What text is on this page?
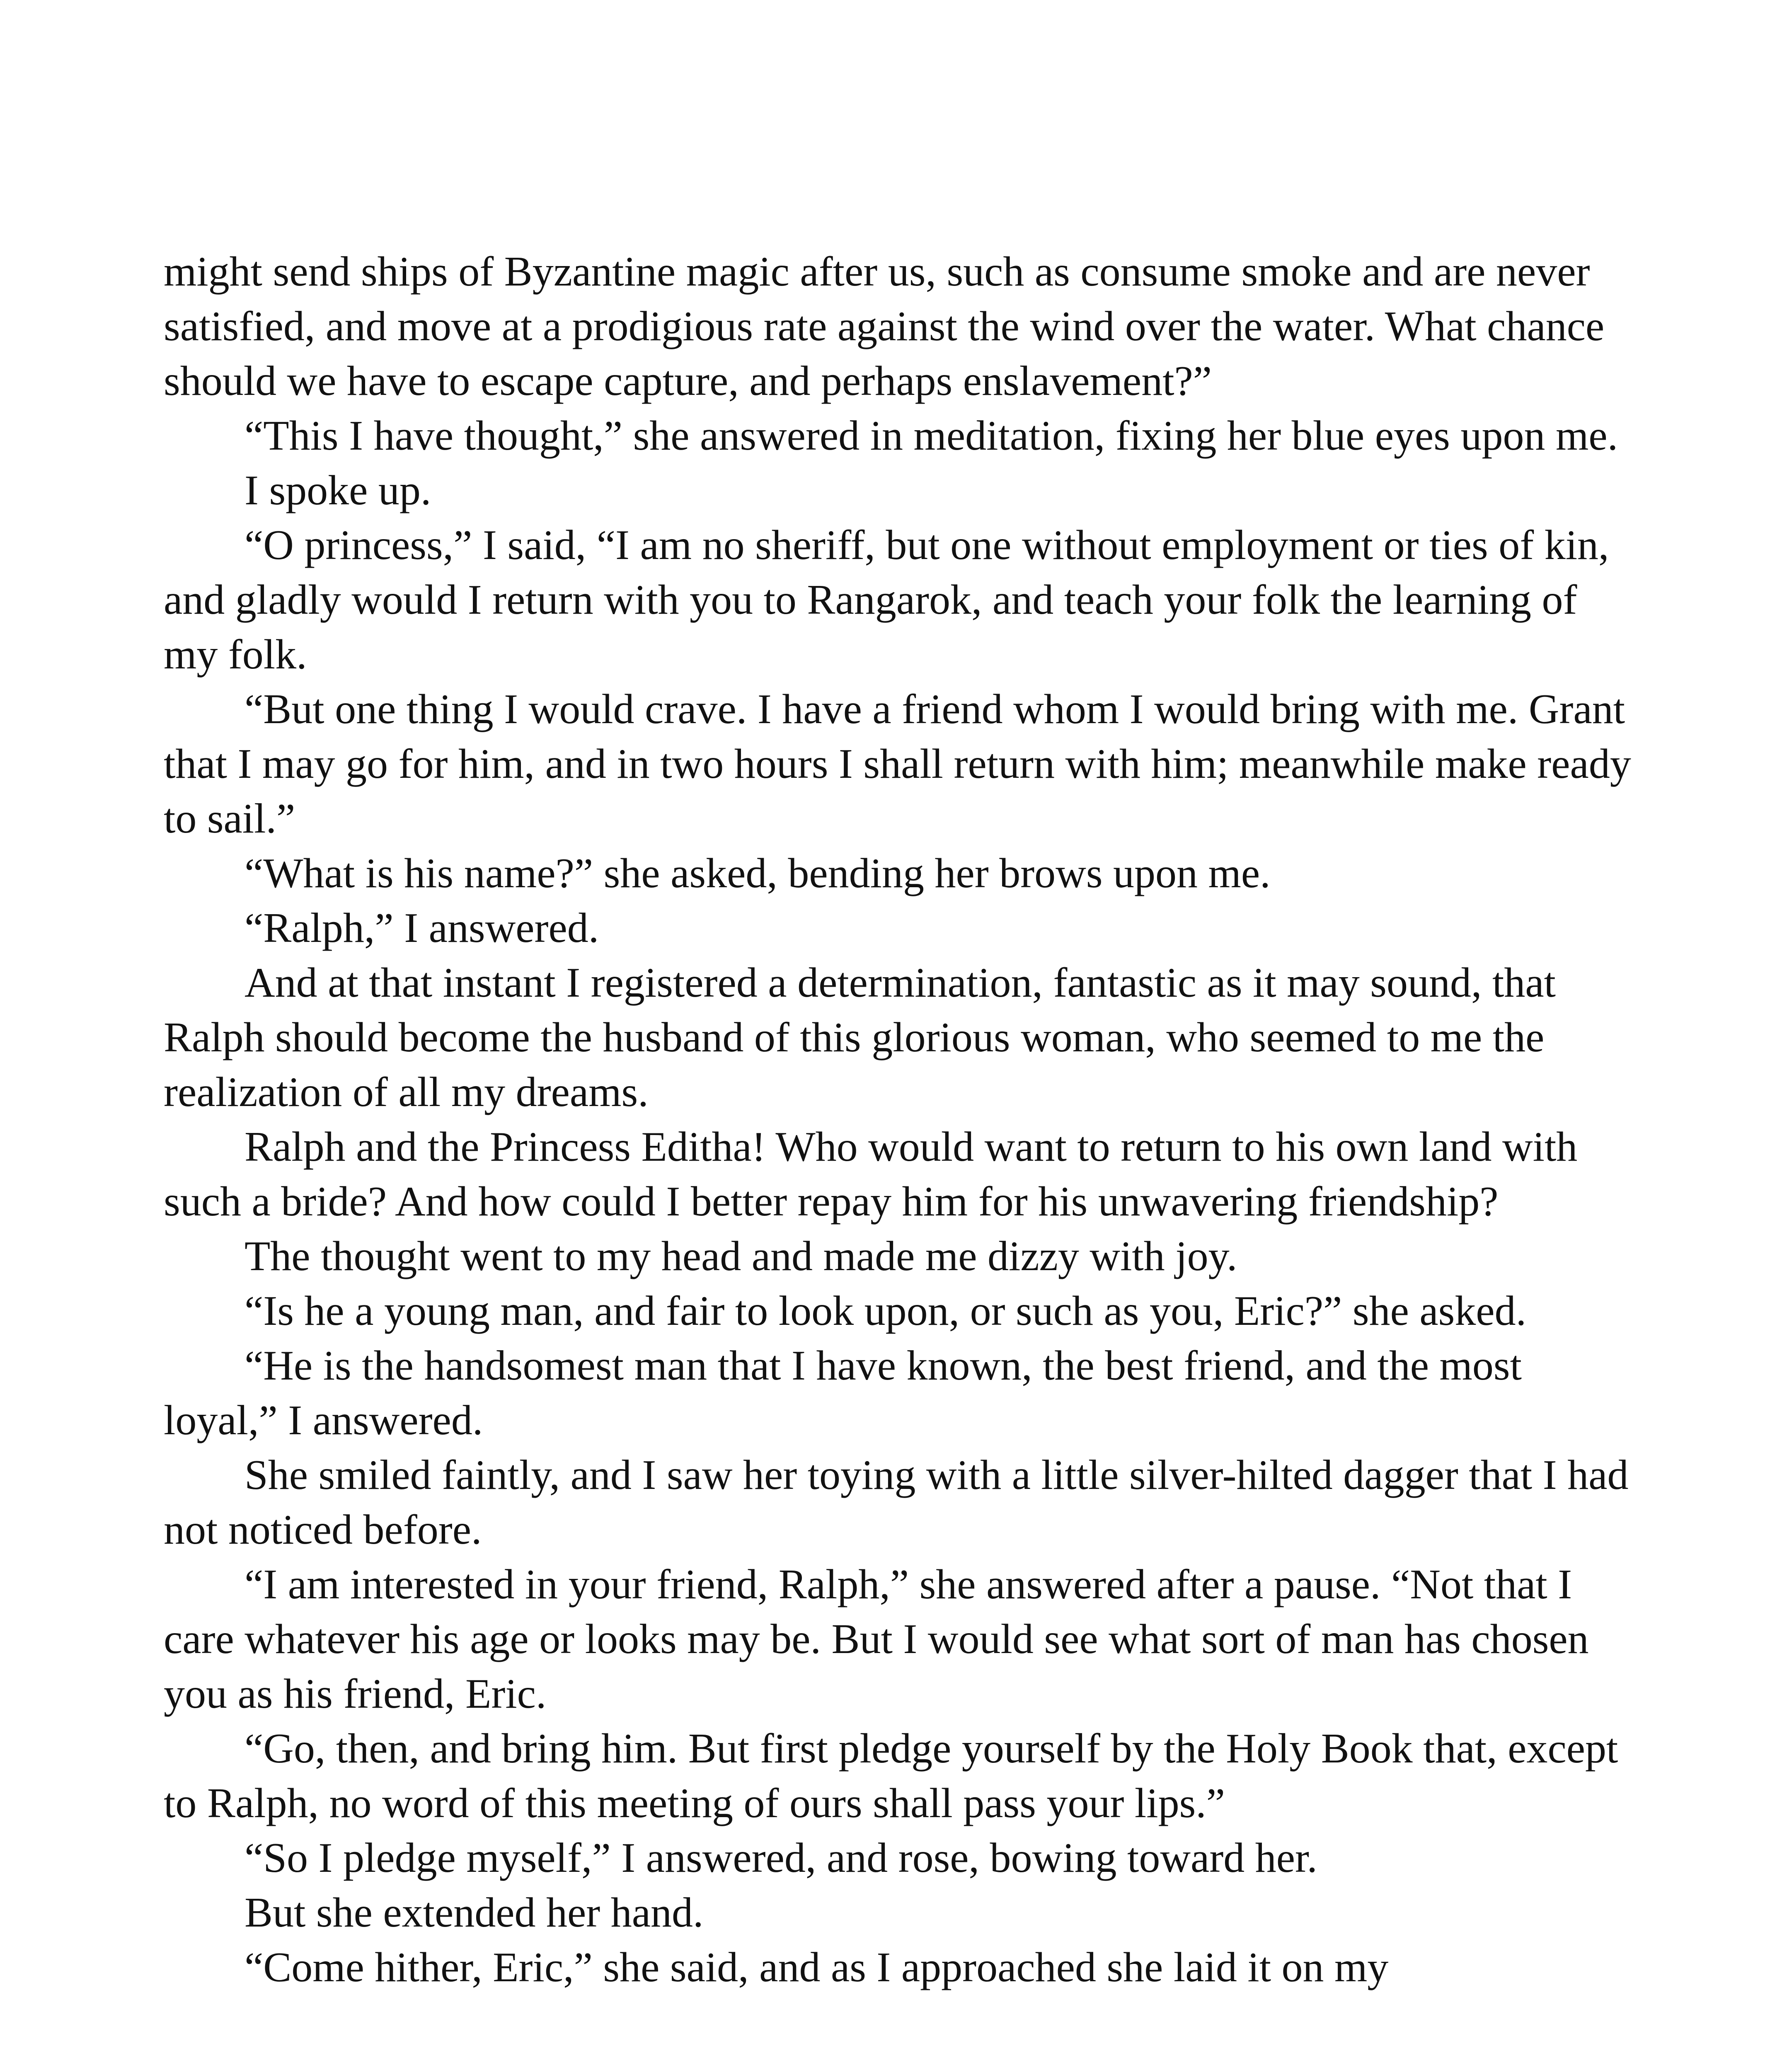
might send ships of Byzantine magic after us, such as consume smoke and are never satisfied, and move at a prodigious rate against the wind over the water. What chance should we have to escape capture, and perhaps enslavement?”

“This I have thought,” she answered in meditation, fixing her blue eyes upon me.

I spoke up.

“O princess,” I said, “I am no sheriff, but one without employment or ties of kin, and gladly would I return with you to Rangarok, and teach your folk the learning of my folk.

“But one thing I would crave. I have a friend whom I would bring with me. Grant that I may go for him, and in two hours I shall return with him; meanwhile make ready to sail.”

“What is his name?” she asked, bending her brows upon me.

“Ralph,” I answered.

And at that instant I registered a determination, fantastic as it may sound, that Ralph should become the husband of this glorious woman, who seemed to me the realization of all my dreams.

Ralph and the Princess Editha! Who would want to return to his own land with such a bride? And how could I better repay him for his unwavering friendship?

The thought went to my head and made me dizzy with joy.

“Is he a young man, and fair to look upon, or such as you, Eric?” she asked.

“He is the handsomest man that I have known, the best friend, and the most loyal,” I answered.

She smiled faintly, and I saw her toying with a little silver-hilted dagger that I had not noticed before.

“I am interested in your friend, Ralph,” she answered after a pause. “Not that I care whatever his age or looks may be. But I would see what sort of man has chosen you as his friend, Eric.

“Go, then, and bring him. But first pledge yourself by the Holy Book that, except to Ralph, no word of this meeting of ours shall pass your lips.”

“So I pledge myself,” I answered, and rose, bowing toward her.

But she extended her hand.

“Come hither, Eric,” she said, and as I approached she laid it on my
